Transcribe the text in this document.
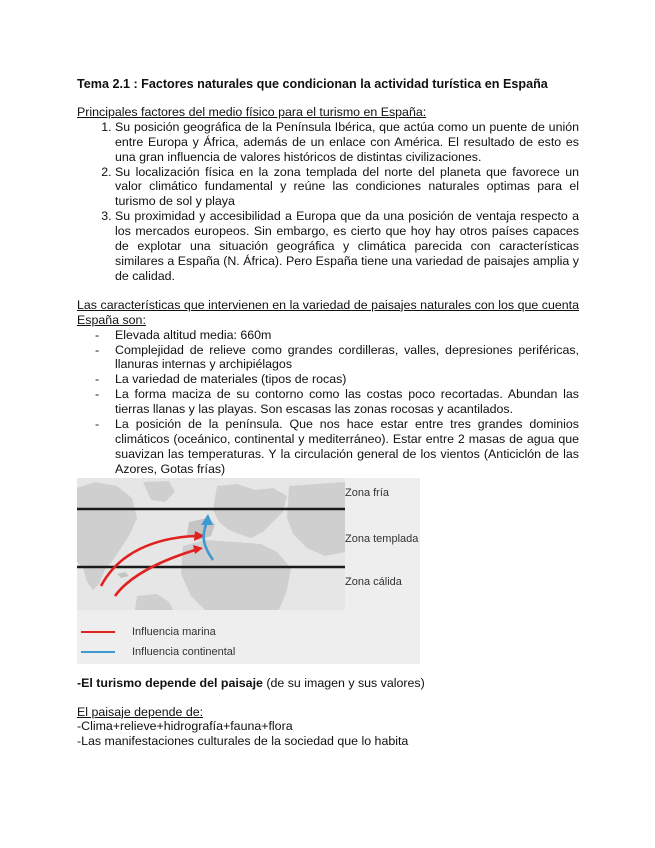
Tema 2.1 : Factores naturales que condicionan la actividad turística en España

Principales factores del medio físico para el turismo en España:

1. Su posición geográfica de la Península Ibérica, que actúa como un puente de unión entre Europa y África, además de un enlace con América. El resultado de esto es una gran influencia de valores históricos de distintas civilizaciones.
2. Su localización física en la zona templada del norte del planeta que favorece un valor climático fundamental y reúne las condiciones naturales optimas para el turismo de sol y playa
3. Su proximidad y accesibilidad a Europa que da una posición de ventaja respecto a los mercados europeos. Sin embargo, es cierto que hoy hay otros países capaces de explotar una situación geográfica y climática parecida con características similares a España (N. África). Pero España tiene una variedad de paisajes amplia y de calidad.

Las características que intervienen en la variedad de paisajes naturales con los que cuenta España son:

- Elevada altitud media: 660m
- Complejidad de relieve como grandes cordilleras, valles, depresiones periféricas, llanuras internas y archipiélagos
- La variedad de materiales (tipos de rocas)
- La forma maciza de su contorno como las costas poco recortadas. Abundan las tierras llanas y las playas. Son escasas las zonas rocosas y acantilados.
- La posición de la península. Que nos hace estar entre tres grandes dominios climáticos (oceánico, continental y mediterráneo). Estar entre 2 masas de agua que suavizan las temperaturas. Y la circulación general de los vientos (Anticiclón de las Azores, Gotas frías)
Zona fría
Zona templada
Zona cálida
Influencia marina
Influencia continental

-El turismo depende del paisaje (de su imagen y sus valores)

El paisaje depende de:

-Clima+relieve+hidrografía+fauna+flora

-Las manifestaciones culturales de la sociedad que lo habita
